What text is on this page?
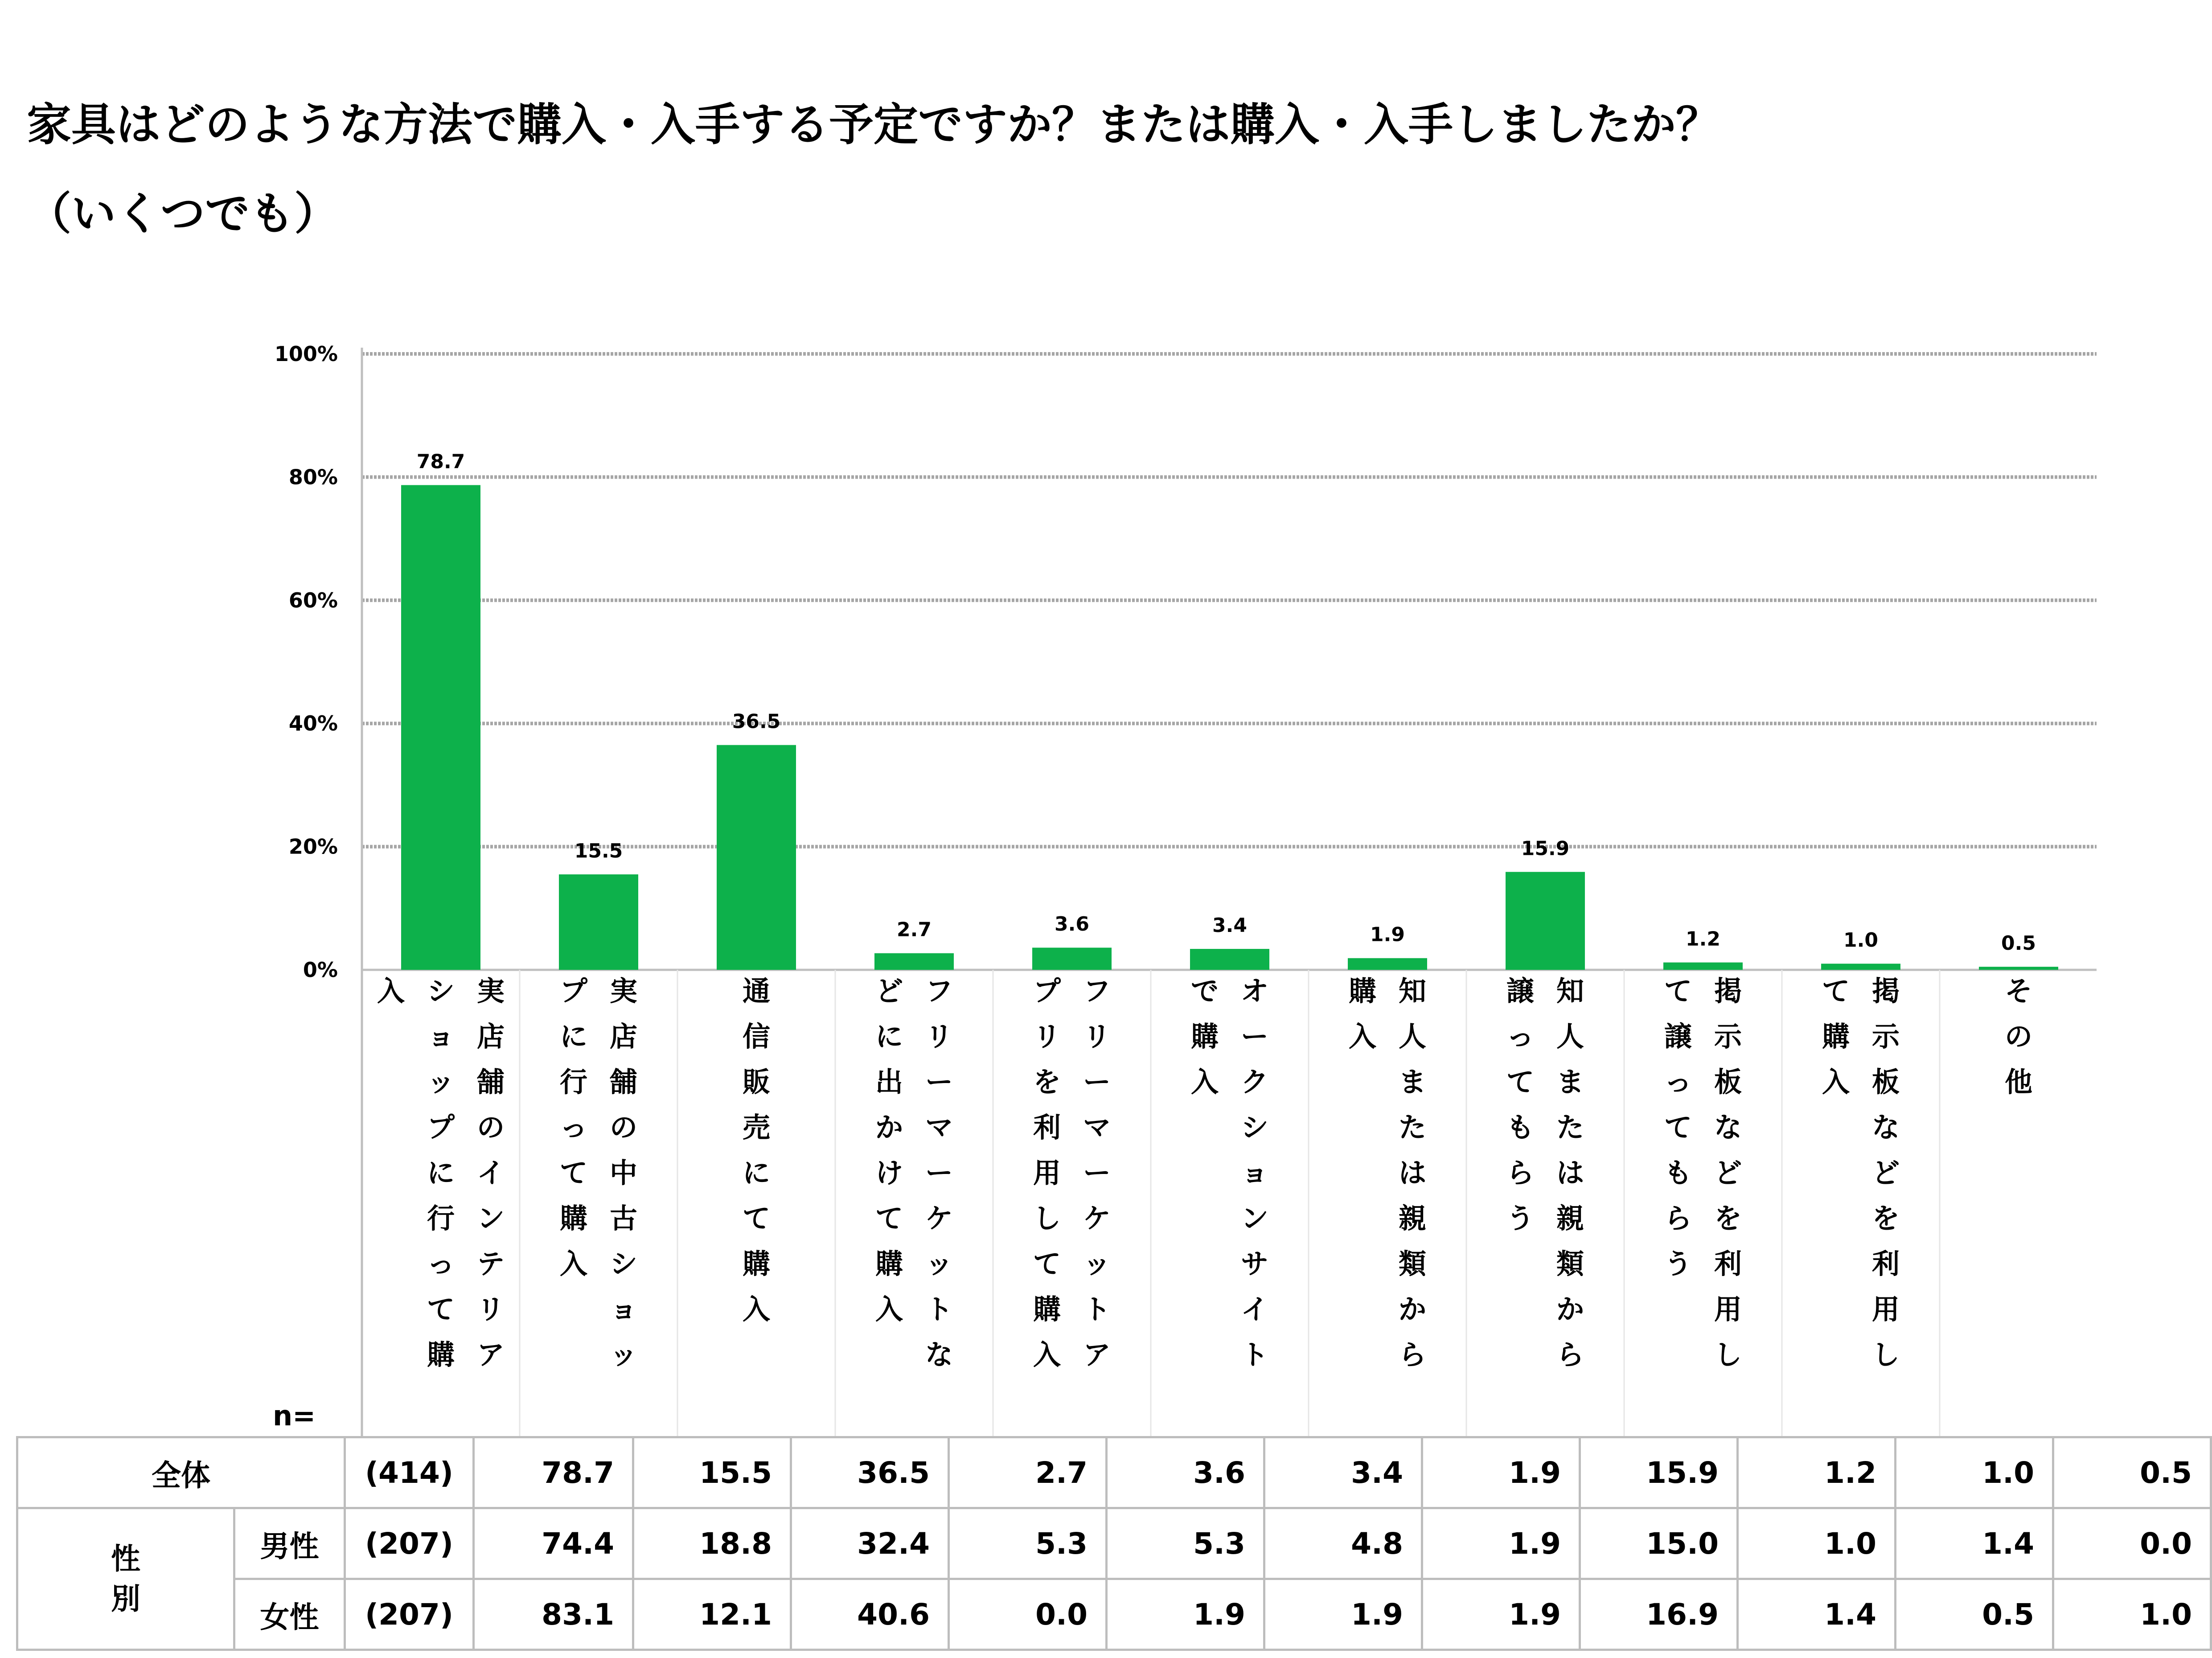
家具はどのような方法で購入・入手する予定ですか？または購入・入手しましたか？
（いくつでも）
0%
20%
40%
60%
80%
100%
78.7
15.5
36.5
2.7	3.6	3.4	1.9
15.9
1.2	1.0	0.5
実
店
舗
の
イ
ン
テ
リ
ア
シ
ョ
ッ
プ
に
行
っ
て
購
入	実
店
舗
の
中
古
シ
ョ
ッ
プ
に
行
っ
て
購
入
通
信
販
売
に
て
購
入
フ
リ
ー
マ
ー
ケ
ッ
ト
な
ど
に
出
か
け
て
購
入
フ
リ
ー
マ
ー
ケ
ッ
ト
ア
プ
リ
を
利
用
し
て
購
入
オ
ー
ク
シ
ョ
ン
サ
イ
ト
で
購
入
知
人
ま
た
は
親
類
か
ら
購
入
知
人
ま
た
は
親
類
か
ら
譲
っ
て
も
ら
う
掲
示
板
な
ど
を
利
用
し
て
譲
っ
て
も
ら
う
掲
示
板
な
ど
を
利
用
し
て
購
入
そ
の
他
n=
全体		(414)	78.7	15.5	36.5	2.7	3.6	3.4	1.9	15.9	1.2	1.0	0.5

性
別	男性	(207)	74.4	18.8	32.4	5.3	5.3	4.8	1.9	15.0	1.0	1.4	0.0
	女性	(207)	83.1	12.1	40.6	0.0	1.9	1.9	1.9	16.9	1.4	0.5	1.0
